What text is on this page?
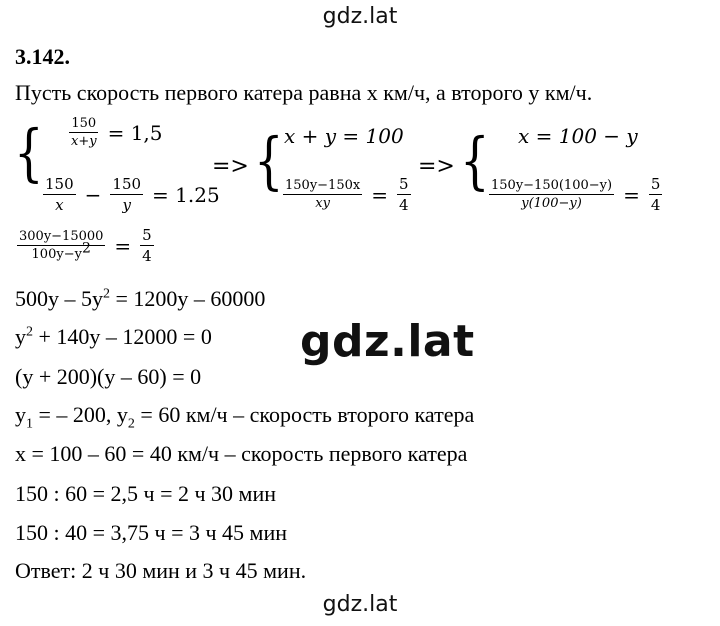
gdz.lat
3.142.
Пусть скорость первого катера равна x км/ч, а второго y км/ч.
{ $\frac{150}{x+y} = 1,5$
$\frac{150}{x} - \frac{150}{y} = 1.25$
=> { x + y = 100
$\frac{150y-150x}{xy} = \frac{5}{4}$
=> { x = 100 − y
$\frac{150y-150(100-y)}{y(100-y)} = \frac{5}{4}$
$\frac{300y-15000}{100y-y^2} = \frac{5}{4}$
$500y - 5y^2 = 1200y - 60000$
$y^2 + 140y - 12000 = 0$ gdz.lat
(y + 200)(y – 60) = 0
$y_1$ = – 200, $y_2 = 60$ км/ч – скорость второго катера
x = 100 – 60 = 40 км/ч – скорость первого катера
150 : 60 = 2,5 ч = 2 ч 30 мин
150 : 40 = 3,75 ч = 3 ч 45 мин
Ответ: 2 ч 30 мин и 3 ч 45 мин.
gdz.lat
